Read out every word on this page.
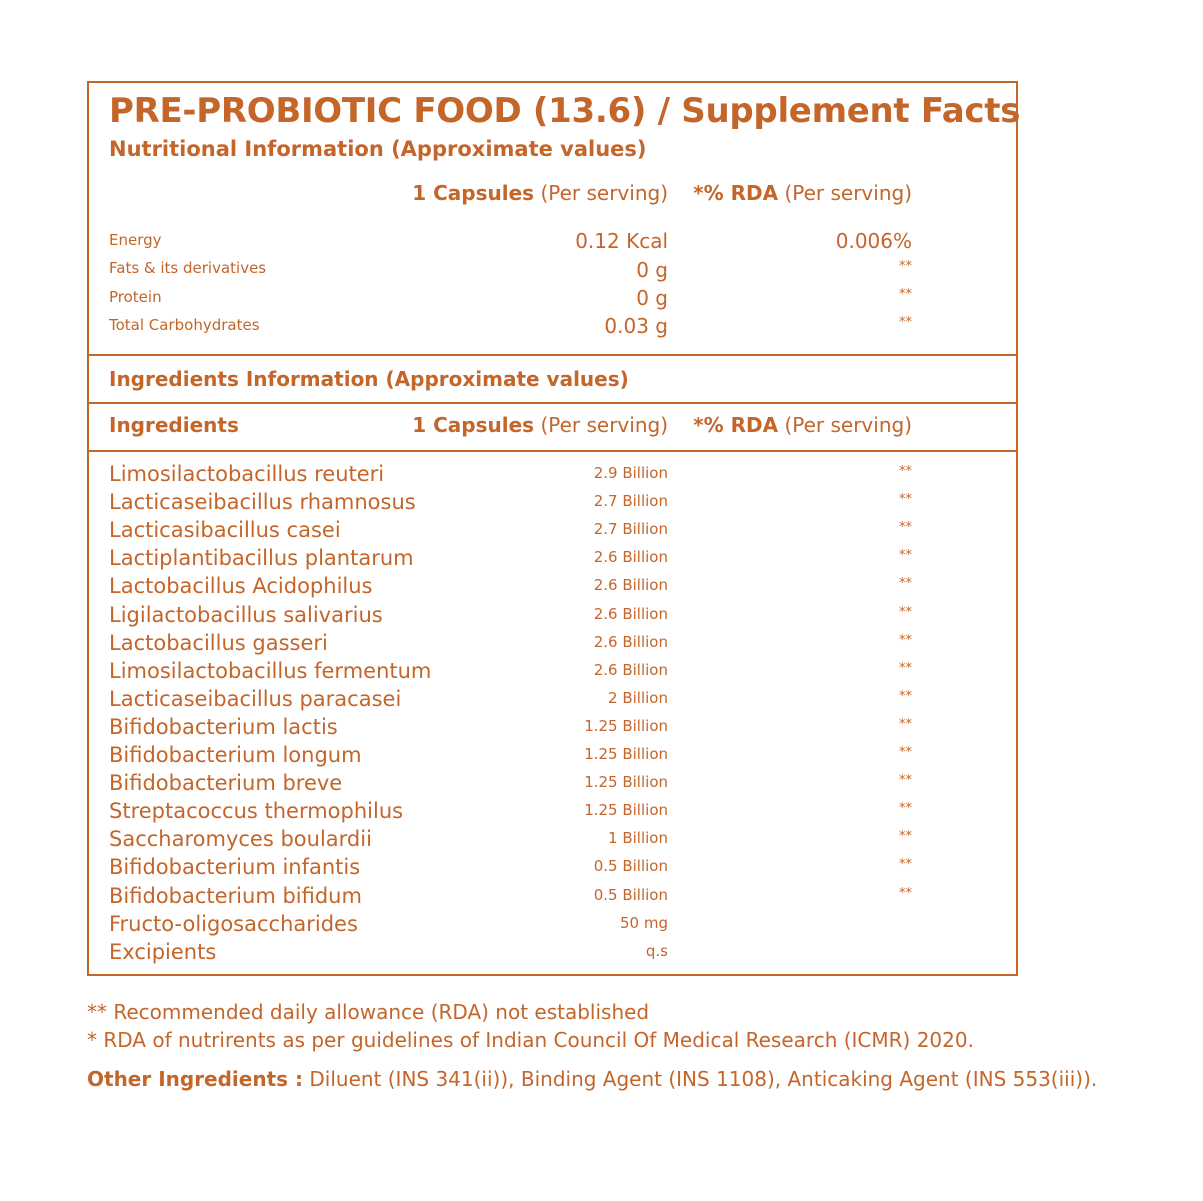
PRE-PROBIOTIC FOOD (13.6) / Supplement Facts
Nutritional Information (Approximate values)
1 Capsules (Per serving) *% RDA (Per serving)
Energy	0.12 Kcal	0.006%
Fats & its derivatives	0 g	**
Protein	0 g	**
Total Carbohydrates	0.03 g	**
Ingredients Information (Approximate values)
Ingredients	1 Capsules (Per serving) *% RDA (Per serving)
Limosilactobacillus reuteri	2.9 Billion	**
Lacticaseibacillus rhamnosus	2.7 Billion	**
Lacticasibacillus casei	2.7 Billion	**
Lactiplantibacillus plantarum	2.6 Billion	**
Lactobacillus Acidophilus	2.6 Billion	**
Ligilactobacillus salivarius	2.6 Billion	**
Lactobacillus gasseri	2.6 Billion	**
Limosilactobacillus fermentum	2.6 Billion	**
Lacticaseibacillus paracasei	2 Billion	**
Bifidobacterium lactis	1.25 Billion	**
Bifidobacterium longum	1.25 Billion	**
Bifidobacterium breve	1.25 Billion	**
Streptacoccus thermophilus	1.25 Billion	**
Saccharomyces boulardii	1 Billion	**
Bifidobacterium infantis	0.5 Billion	**
Bifidobacterium bifidum	0.5 Billion	**
Fructo-oligosaccharides	50 mg
Excipients	q.s
** Recommended daily allowance (RDA) not established
* RDA of nutrirents as per guidelines of Indian Council Of Medical Research (ICMR) 2020.
Other Ingredients : Diluent (INS 341(ii)), Binding Agent (INS 1108), Anticaking Agent (INS 553(iii)).
